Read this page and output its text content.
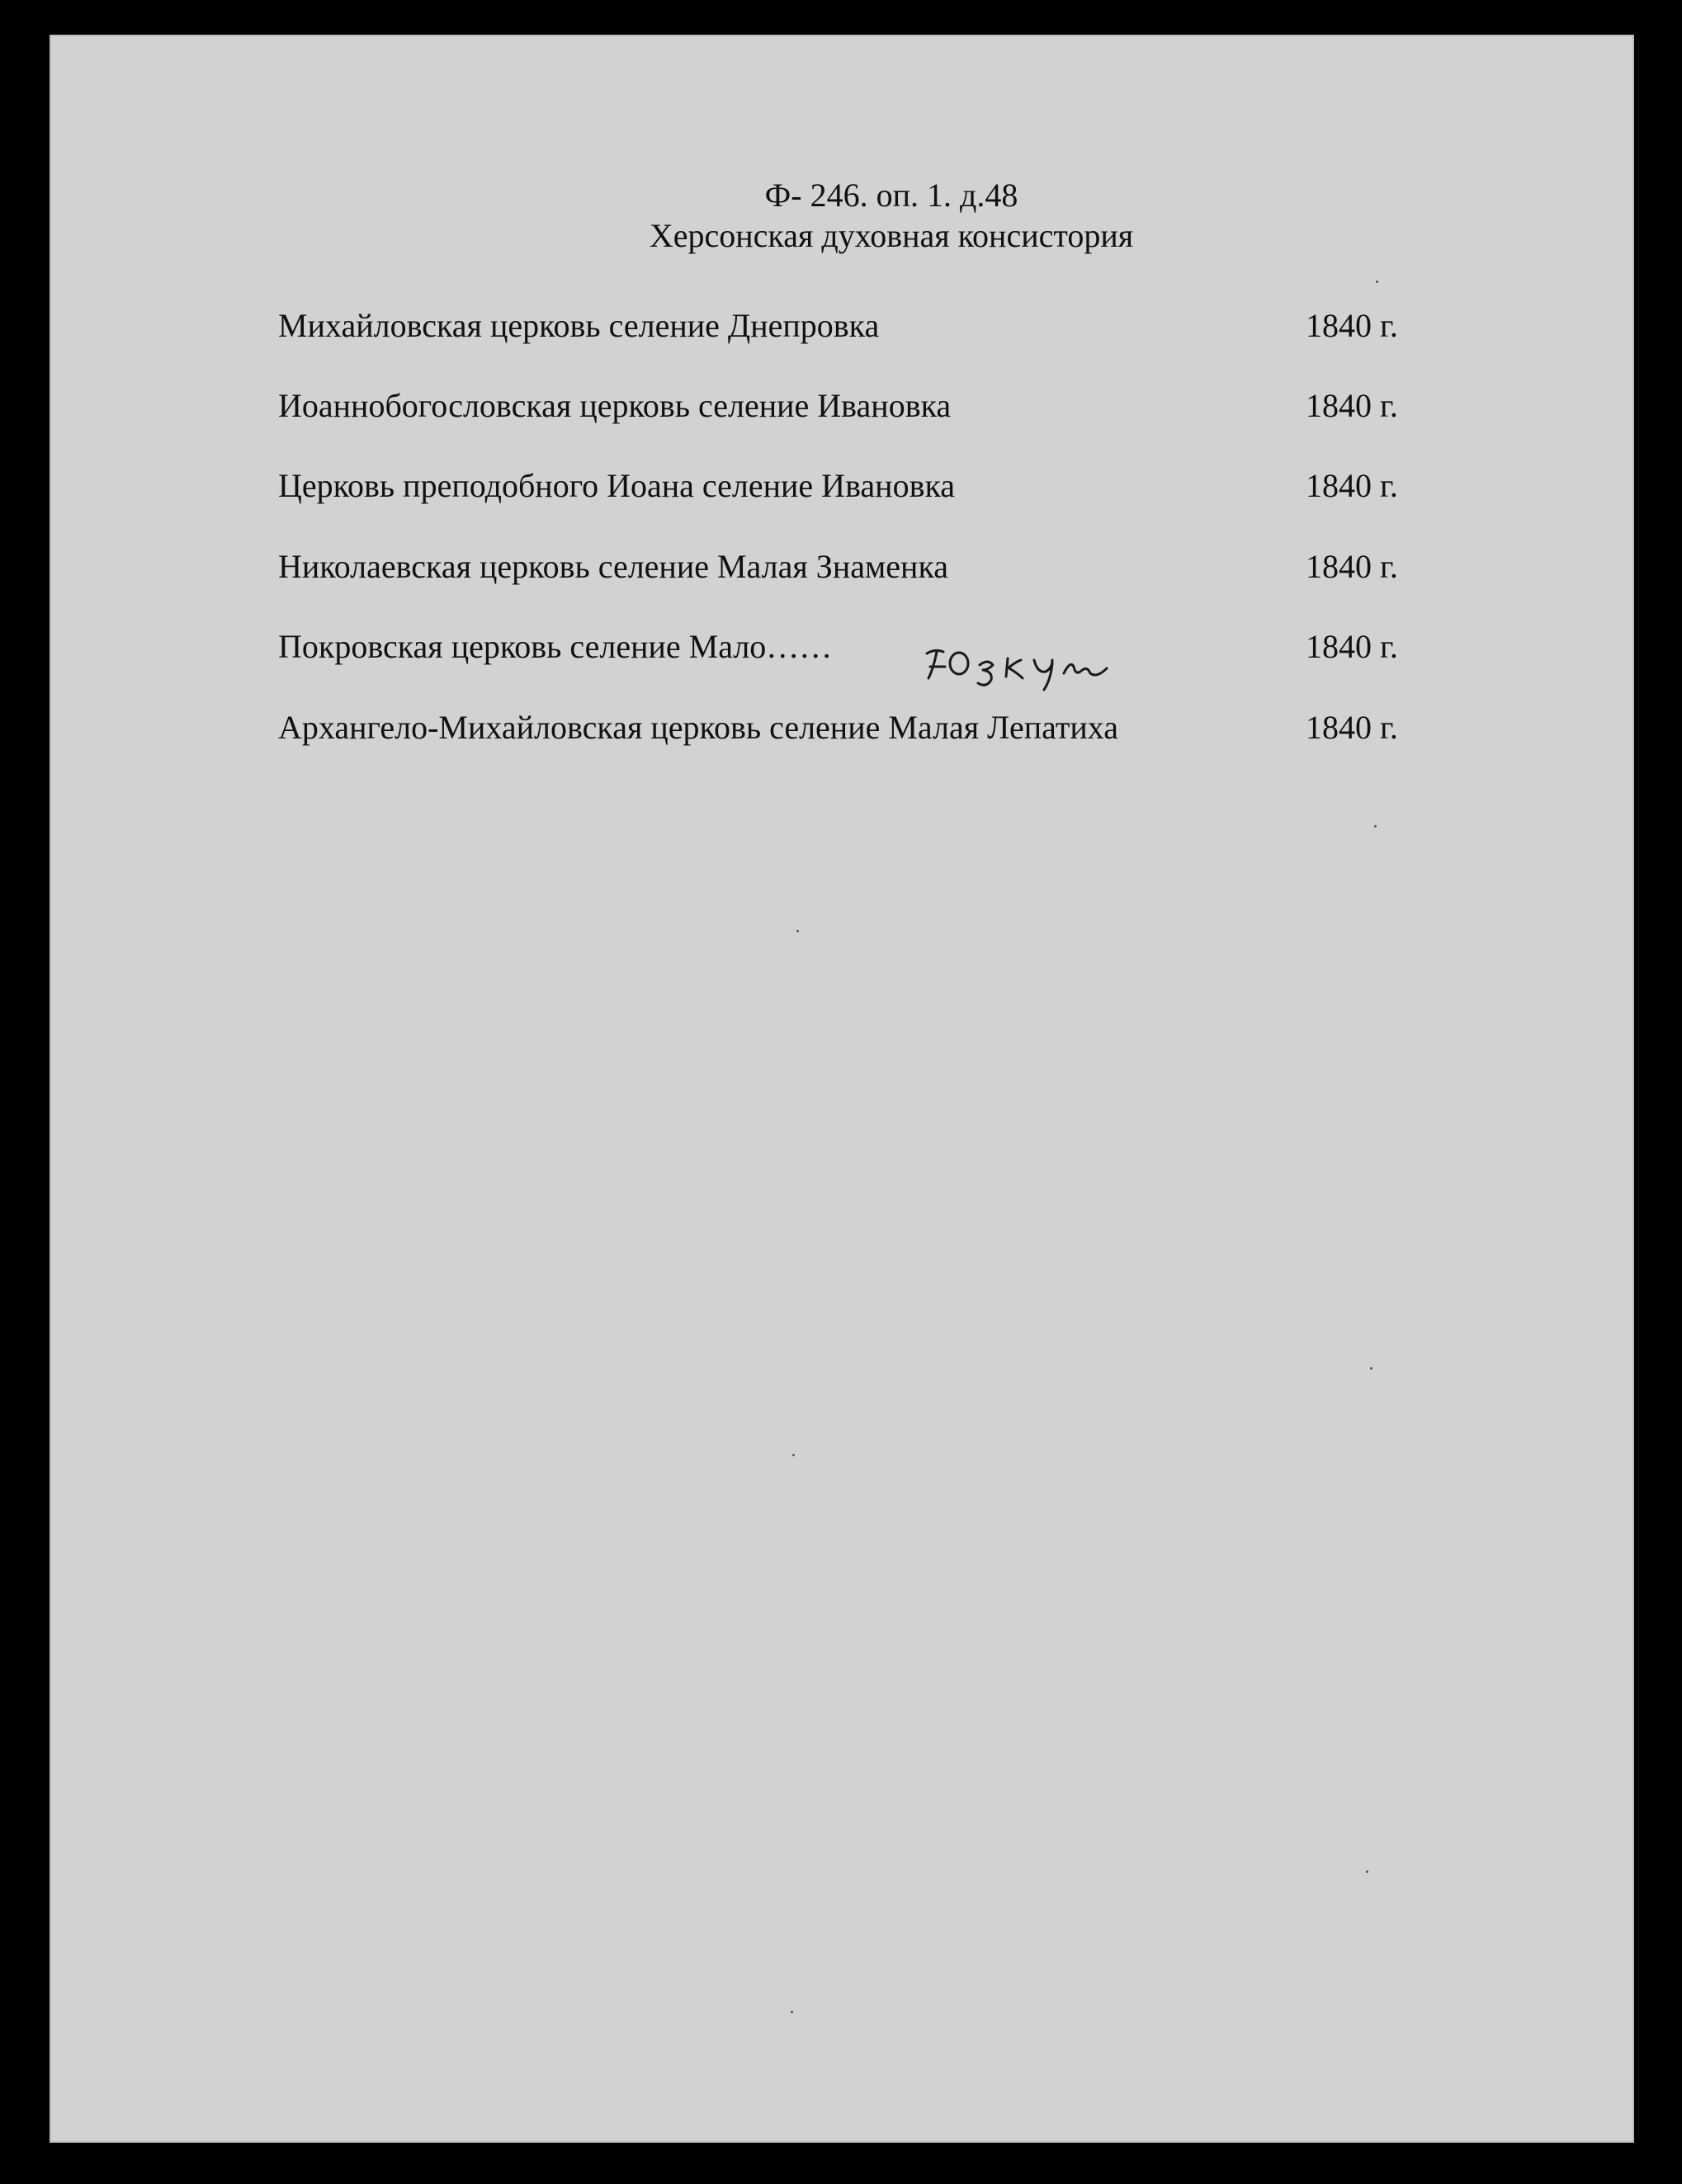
Ф- 246. оп. 1. д.48
Херсонская духовная консистория
Михайловская церковь селение Днепровка	1840 г.
Иоаннобогословская церковь селение Ивановка	1840 г.
Церковь преподобного Иоана селение Ивановка	1840 г.
Николаевская церковь селение Малая Знаменка	1840 г.
Покровская церковь селение Мало……	1840 г.
Архангело-Михайловская церковь селение Малая Лепатиха	1840 г.
